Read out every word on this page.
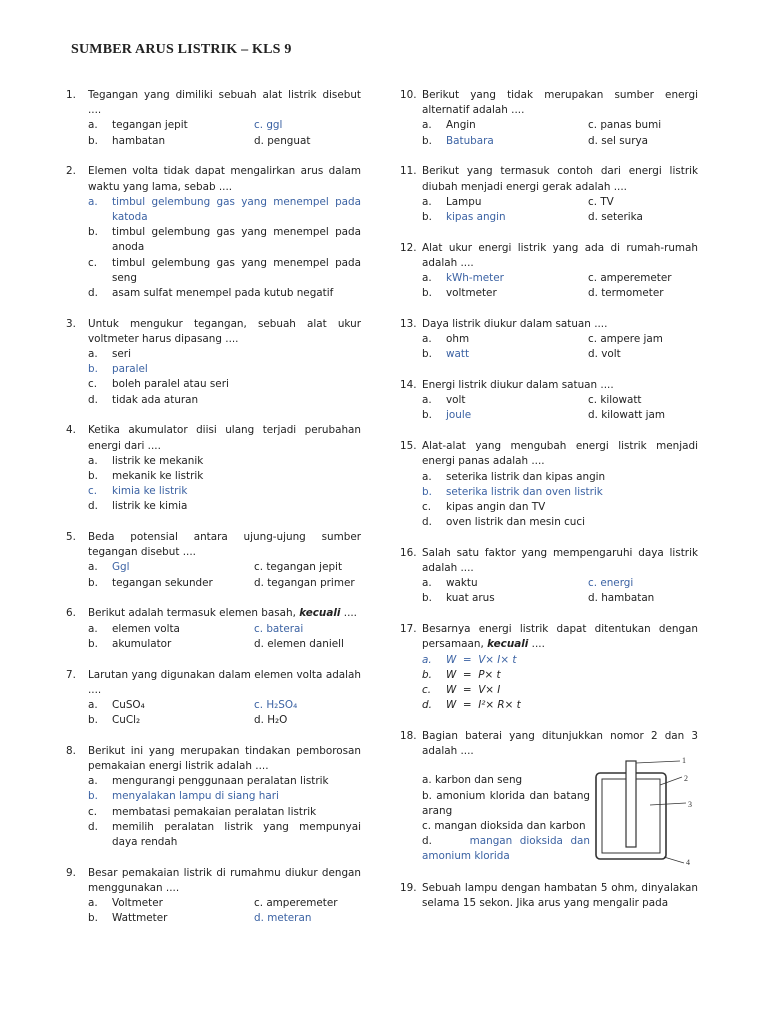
SUMBER ARUS LISTRIK – KLS 9
1.	Tegangan yang dimiliki sebuah alat listrik disebut ....
a.	tegangan jepit	c. ggl
b.	hambatan	d. penguat
2.	Elemen volta tidak dapat mengalirkan arus dalam waktu yang lama, sebab ....
a.	timbul gelembung gas yang menempel pada katoda
b.	timbul gelembung gas yang menempel pada anoda
c.	timbul gelembung gas yang menempel pada seng
d.	asam sulfat menempel pada kutub negatif
3.	Untuk mengukur tegangan, sebuah alat ukur voltmeter harus dipasang ....
a.	seri
b.	paralel
c.	boleh paralel atau seri
d.	tidak ada aturan
4.	Ketika akumulator diisi ulang terjadi perubahan energi dari ....
a.	listrik ke mekanik
b.	mekanik ke listrik
c.	kimia ke listrik
d.	listrik ke kimia
5.	Beda potensial antara ujung-ujung sumber tegangan disebut ....
a.	Ggl	c. tegangan jepit
b.	tegangan sekunder	d. tegangan primer
6.	Berikut adalah termasuk elemen basah, kecuali ....
a.	elemen volta	c. baterai
b.	akumulator	d. elemen daniell
7.	Larutan yang digunakan dalam elemen volta adalah ....
a.	CuSO₄	c. H₂SO₄
b.	CuCl₂	d. H₂O
8.	Berikut ini yang merupakan tindakan pemborosan pemakaian energi listrik adalah ....
a.	mengurangi penggunaan peralatan listrik
b.	menyalakan lampu di siang hari
c.	membatasi pemakaian peralatan listrik
d.	memilih peralatan listrik yang mempunyai daya rendah
9.	Besar pemakaian listrik di rumahmu diukur dengan menggunakan ....
a.	Voltmeter	c. amperemeter
b.	Wattmeter	d. meteran
10. Berikut yang tidak merupakan sumber energi alternatif adalah ....
a.	Angin	c. panas bumi
b.	Batubara	d. sel surya
11. Berikut yang termasuk contoh dari energi listrik diubah menjadi energi gerak adalah ....
a.	Lampu	c. TV
b.	kipas angin	d. seterika
12. Alat ukur energi listrik yang ada di rumah-rumah adalah ....
a.	kWh-meter	c. amperemeter
b.	voltmeter	d. termometer
13. Daya listrik diukur dalam satuan ....
a.	ohm	c. ampere jam
b.	watt	d. volt
14. Energi listrik diukur dalam satuan ....
a.	volt	c. kilowatt
b.	joule	d. kilowatt jam
15. Alat-alat yang mengubah energi listrik menjadi energi panas adalah ....
a.	seterika listrik dan kipas angin
b.	seterika listrik dan oven listrik
c.	kipas angin dan TV
d.	oven listrik dan mesin cuci
16. Salah satu faktor yang mempengaruhi daya listrik adalah ....
a.	waktu	c. energi
b.	kuat arus	d. hambatan
17. Besarnya energi listrik dapat ditentukan dengan persamaan, kecuali ....
a.	W  =  V× I× t
b.	W  =  P× t
c.	W  =  V× I
d.	W  =  I²× R× t
18. Bagian baterai yang ditunjukkan nomor 2 dan 3 adalah ....
a. karbon dan seng
b. amonium klorida dan batang arang
c. mangan dioksida dan karbon
d.	mangan dioksida dan amonium klorida
1
2
3
4
19. Sebuah lampu dengan hambatan 5 ohm, dinyalakan selama 15 sekon. Jika arus yang mengalir pada
